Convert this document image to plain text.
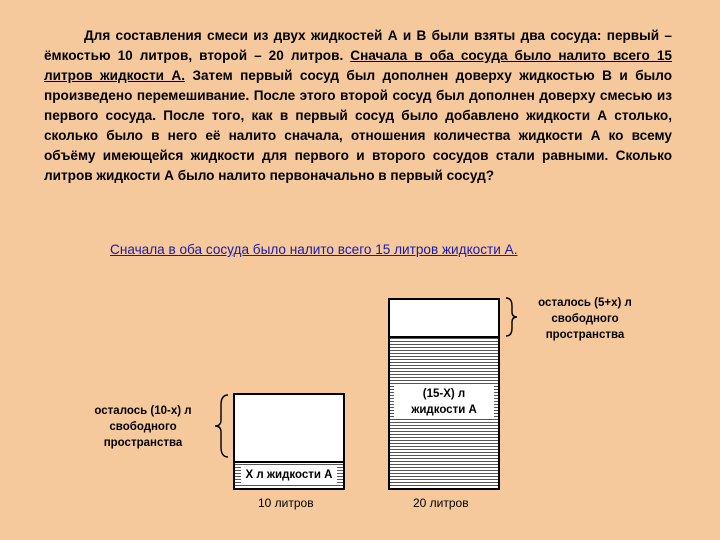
Для составления смеси из двух жидкостей А и В были взяты два сосуда: первый – ёмкостью 10 литров, второй – 20 литров. Сначала в оба сосуда было налито всего 15 литров жидкости А. Затем первый сосуд был дополнен доверху жидкостью В и было произведено перемешивание. После этого второй сосуд был дополнен доверху смесью из первого сосуда. После того, как в первый сосуд было добавлено жидкости А столько, сколько было в него её налито сначала, отношения количества жидкости А ко всему объёму имеющейся жидкости для первого и второго сосудов стали равными. Сколько литров жидкости А было налито первоначально в первый сосуд?
Сначала в оба сосуда было налито всего 15 литров жидкости А.
(15-Х) л
жидкости А
Х л жидкости А
осталось (5+х) л
свободного
пространства
осталось (10-х) л
свободного
пространства
10 литров	20 литров
